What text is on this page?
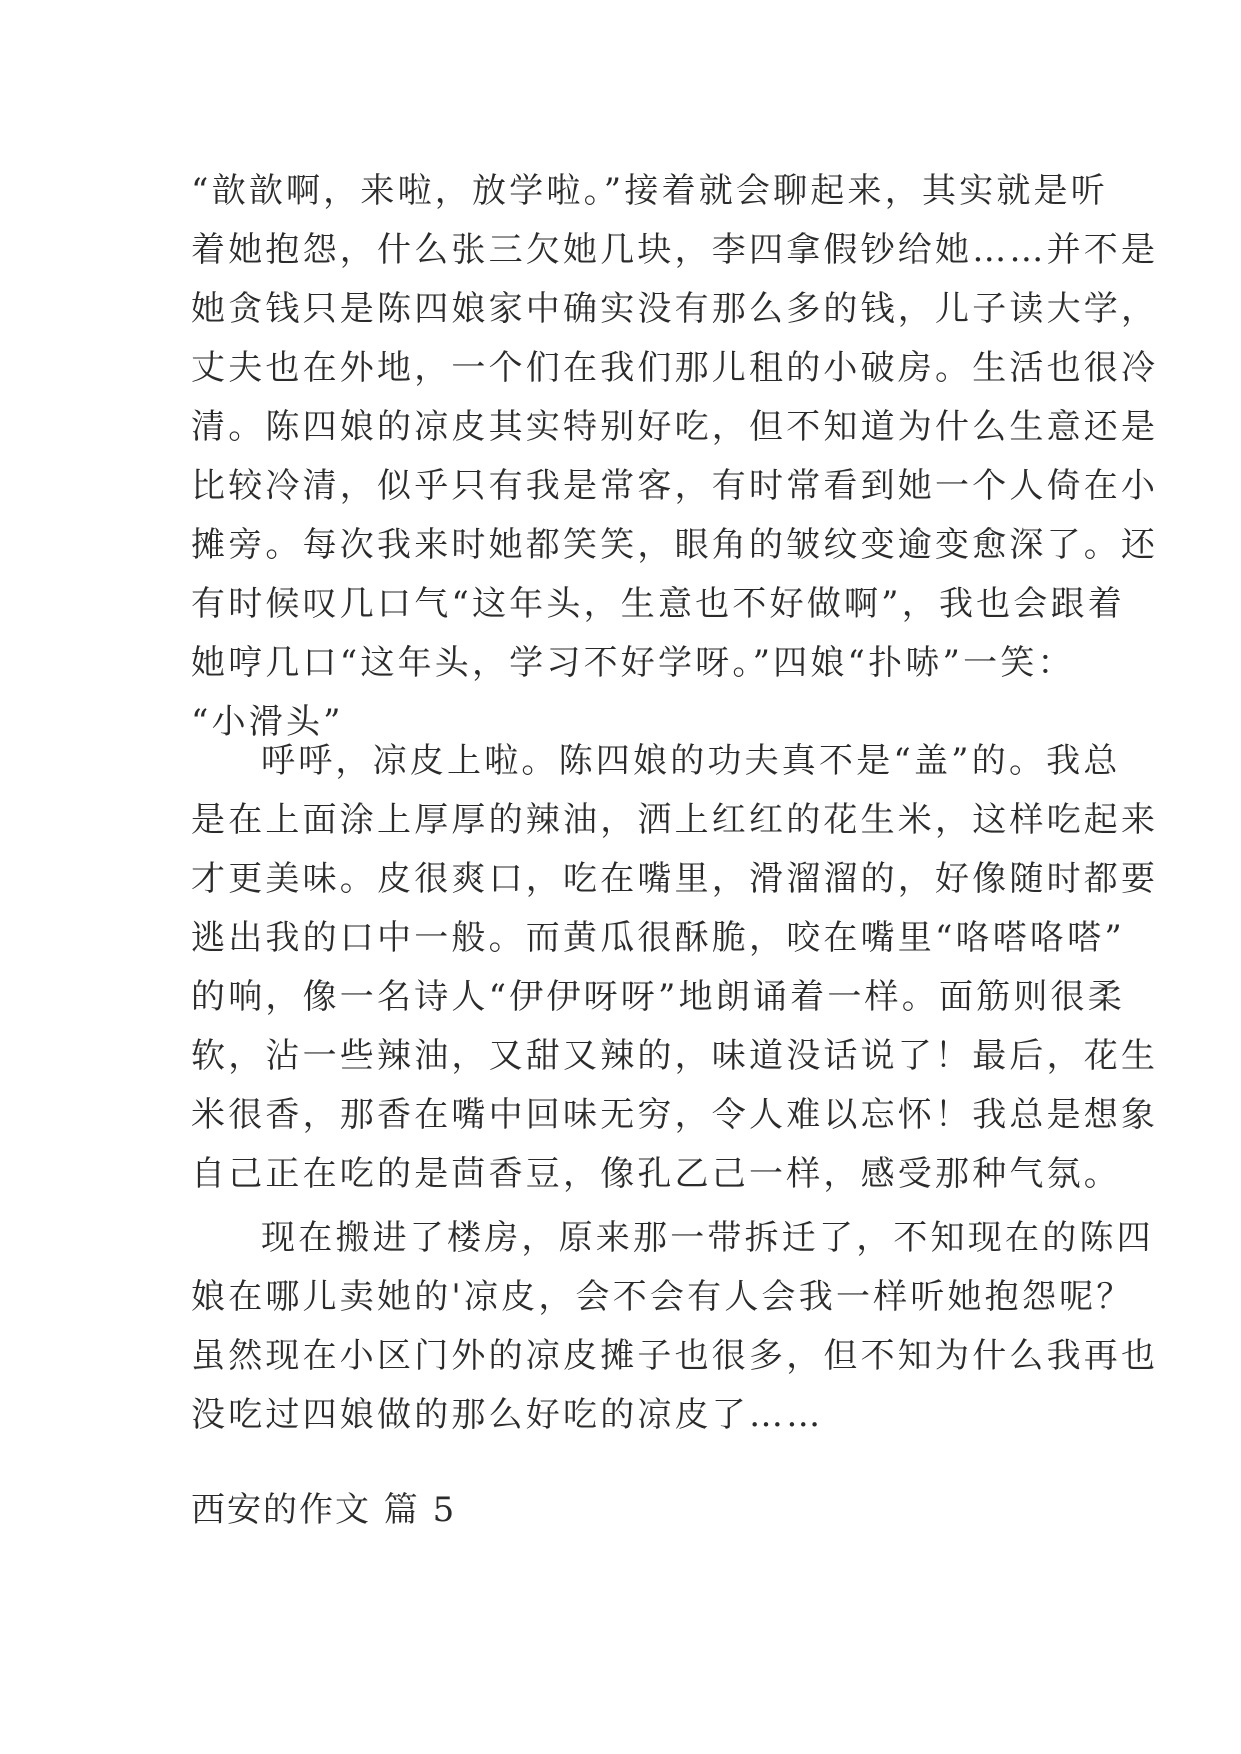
“歆歆啊，来啦，放学啦。”接着就会聊起来，其实就是听
着她抱怨，什么张三欠她几块，李四拿假钞给她……并不是
她贪钱只是陈四娘家中确实没有那么多的钱，儿子读大学，
丈夫也在外地，一个们在我们那儿租的小破房。生活也很冷
清。陈四娘的凉皮其实特别好吃，但不知道为什么生意还是
比较冷清，似乎只有我是常客，有时常看到她一个人倚在小
摊旁。每次我来时她都笑笑，眼角的皱纹变逾变愈深了。还
有时候叹几口气“这年头，生意也不好做啊”，我也会跟着
她哼几口“这年头，学习不好学呀。”四娘“扑哧”一笑：
“小滑头”
呼呼，凉皮上啦。陈四娘的功夫真不是“盖”的。我总
是在上面涂上厚厚的辣油，洒上红红的花生米，这样吃起来
才更美味。皮很爽口，吃在嘴里，滑溜溜的，好像随时都要
逃出我的口中一般。而黄瓜很酥脆，咬在嘴里“咯嗒咯嗒”
的响，像一名诗人“伊伊呀呀”地朗诵着一样。面筋则很柔
软，沾一些辣油，又甜又辣的，味道没话说了！最后，花生
米很香，那香在嘴中回味无穷，令人难以忘怀！我总是想象
自己正在吃的是茴香豆，像孔乙己一样，感受那种气氛。
现在搬进了楼房，原来那一带拆迁了，不知现在的陈四
娘在哪儿卖她的'凉皮，会不会有人会我一样听她抱怨呢？
虽然现在小区门外的凉皮摊子也很多，但不知为什么我再也
没吃过四娘做的那么好吃的凉皮了……
西安的作文 篇 5
